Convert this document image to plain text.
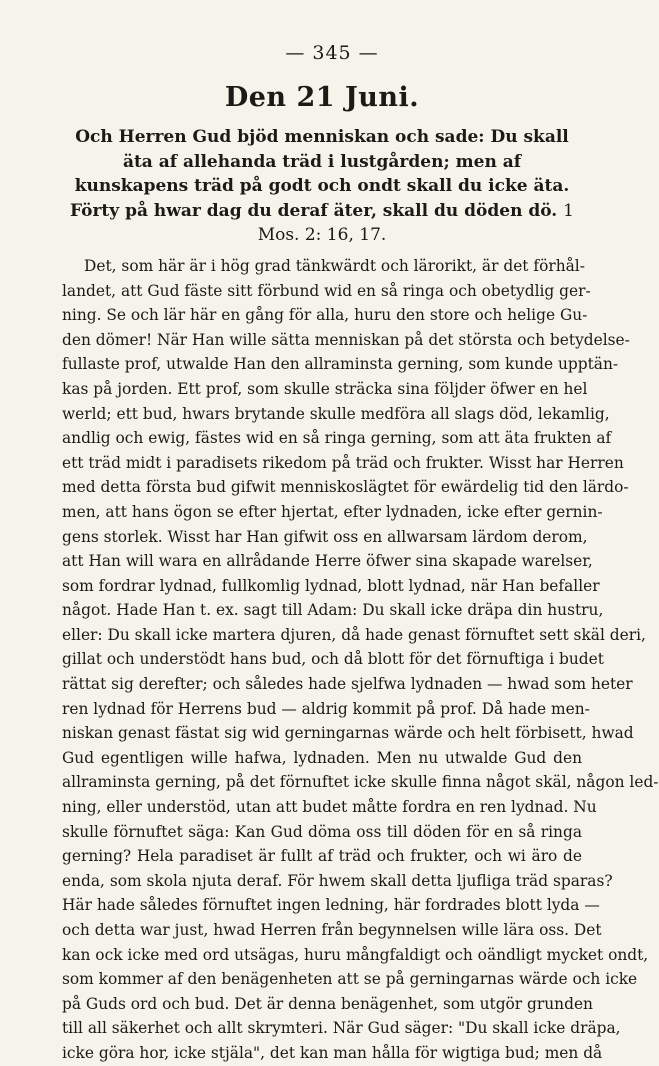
— 345 —
Den 21 Juni.

Och Herren Gud bjöd menniskan och sade: Du skall äta af allehanda träd i lustgården; men af kunskapens träd på godt och ondt skall du icke äta. Förty på hwar dag du deraf äter, skall du döden dö. 1 Mos. 2: 16, 17.

Det, som här är i hög grad tänkwärdt och lärorikt, är det förhål-
landet, att Gud fäste sitt förbund wid en så ringa och obetydlig ger-
ning. Se och lär här en gång för alla, huru den store och helige Gu-
den dömer! När Han wille sätta menniskan på det största och betydelse-
fullaste prof, utwalde Han den allraminsta gerning, som kunde upptän-
kas på jorden. Ett prof, som skulle sträcka sina följder öfwer en hel
werld; ett bud, hwars brytande skulle medföra all slags död, lekamlig,
andlig och ewig, fästes wid en så ringa gerning, som att äta frukten af
ett träd midt i paradisets rikedom på träd och frukter. Wisst har Herren
med detta första bud gifwit menniskoslägtet för ewärdelig tid den lärdo-
men, att hans ögon se efter hjertat, efter lydnaden, icke efter gernin-
gens storlek. Wisst har Han gifwit oss en allwarsam lärdom derom,
att Han will wara en allrådande Herre öfwer sina skapade warelser,
som fordrar lydnad, fullkomlig lydnad, blott lydnad, när Han befaller
något. Hade Han t. ex. sagt till Adam: Du skall icke dräpa din hustru,
eller: Du skall icke martera djuren, då hade genast förnuftet sett skäl deri,
gillat och understödt hans bud, och då blott för det förnuftiga i budet
rättat sig derefter; och således hade sjelfwa lydnaden — hwad som heter
ren lydnad för Herrens bud — aldrig kommit på prof. Då hade men-
niskan genast fästat sig wid gerningarnas wärde och helt förbisett, hwad
Gud egentligen wille hafwa, lydnaden. Men nu utwalde Gud den
allraminsta gerning, på det förnuftet icke skulle finna något skäl, någon led-
ning, eller understöd, utan att budet måtte fordra en ren lydnad. Nu
skulle förnuftet säga: Kan Gud döma oss till döden för en så ringa
gerning? Hela paradiset är fullt af träd och frukter, och wi äro de
enda, som skola njuta deraf. För hwem skall detta ljufliga träd sparas?
Här hade således förnuftet ingen ledning, här fordrades blott lyda —
och detta war just, hwad Herren från begynnelsen wille lära oss. Det
kan ock icke med ord utsägas, huru mångfaldigt och oändligt mycket ondt,
som kommer af den benägenheten att se på gerningarnas wärde och icke
på Guds ord och bud. Det är denna benägenhet, som utgör grunden
till all säkerhet och allt skrymteri. När Gud säger: "Du skall icke dräpa,
icke göra hor, icke stjäla", det kan man hålla för wigtiga bud; men då
